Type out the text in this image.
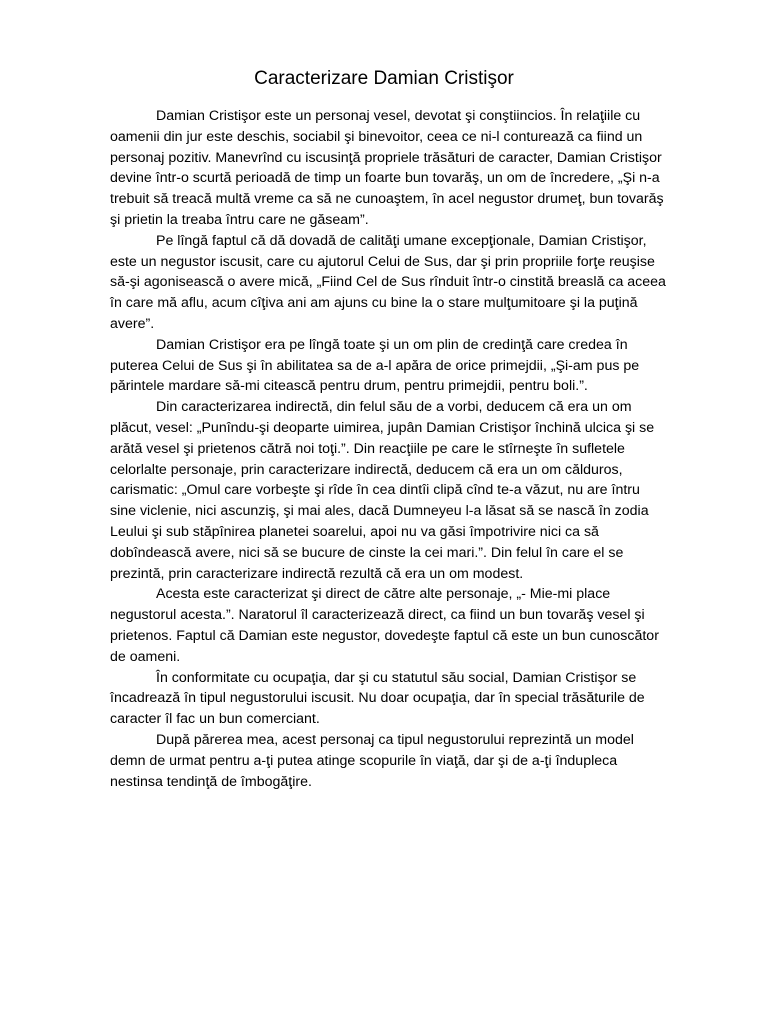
Caracterizare Damian Cristişor

Damian Cristişor este un personaj vesel, devotat şi conştiincios. În relaţiile cu oamenii din jur este deschis, sociabil şi binevoitor, ceea ce ni-l conturează ca fiind un personaj pozitiv. Manevrînd cu iscusinţă propriele trăsături de caracter, Damian Cristişor devine într-o scurtă perioadă de timp un foarte bun tovarăş, un om de încredere, „Şi n-a trebuit să treacă multă vreme ca să ne cunoaştem, în acel negustor drumeţ, bun tovarăş şi prietin la treaba întru care ne găseam”.

Pe lîngă faptul că dă dovadă de calităţi umane excepţionale, Damian Cristişor, este un negustor iscusit, care cu ajutorul Celui de Sus, dar şi prin propriile forţe reuşise să-şi agonisească o avere mică, „Fiind Cel de Sus rînduit într-o cinstită breaslă ca aceea în care mă aflu, acum cîţiva ani am ajuns cu bine la o stare mulţumitoare şi la puţină avere”.

Damian Cristişor era pe lîngă toate şi un om plin de credinţă care credea în puterea Celui de Sus şi în abilitatea sa de a-l apăra de orice primejdii, „Şi-am pus pe părintele mardare să-mi citească pentru drum, pentru primejdii, pentru boli.”.

Din caracterizarea indirectă, din felul său de a vorbi, deducem că era un om plăcut, vesel: „Punîndu-şi deoparte uimirea, jupân Damian Cristişor închină ulcica şi se arătă vesel şi prietenos cătră noi toţi.”. Din reacţiile pe care le stîrneşte în sufletele celorlalte personaje, prin caracterizare indirectă, deducem că era un om călduros, carismatic: „Omul care vorbeşte şi rîde în cea dintîi clipă cînd te-a văzut, nu are întru sine viclenie, nici ascunziş, şi mai ales, dacă Dumneyeu l-a lăsat să se nască în zodia Leului şi sub stăpînirea planetei soarelui, apoi nu va găsi împotrivire nici ca să dobîndească avere, nici să se bucure de cinste la cei mari.”. Din felul în care el se prezintă, prin caracterizare indirectă rezultă că era un om modest.

Acesta este caracterizat şi direct de către alte personaje, „- Mie-mi place negustorul acesta.”. Naratorul îl caracterizează direct, ca fiind un bun tovarăş vesel şi prietenos. Faptul că Damian este negustor, dovedeşte faptul că este un bun cunoscător de oameni.

În conformitate cu ocupaţia, dar şi cu statutul său social, Damian Cristişor se încadrează în tipul negustorului iscusit. Nu doar ocupaţia, dar în special trăsăturile de caracter îl fac un bun comerciant.

După părerea mea, acest personaj ca tipul negustorului reprezintă un model demn de urmat pentru a-ţi putea atinge scopurile în viaţă, dar şi de a-ţi îndupleca nestinsa tendinţă de îmbogăţire.
